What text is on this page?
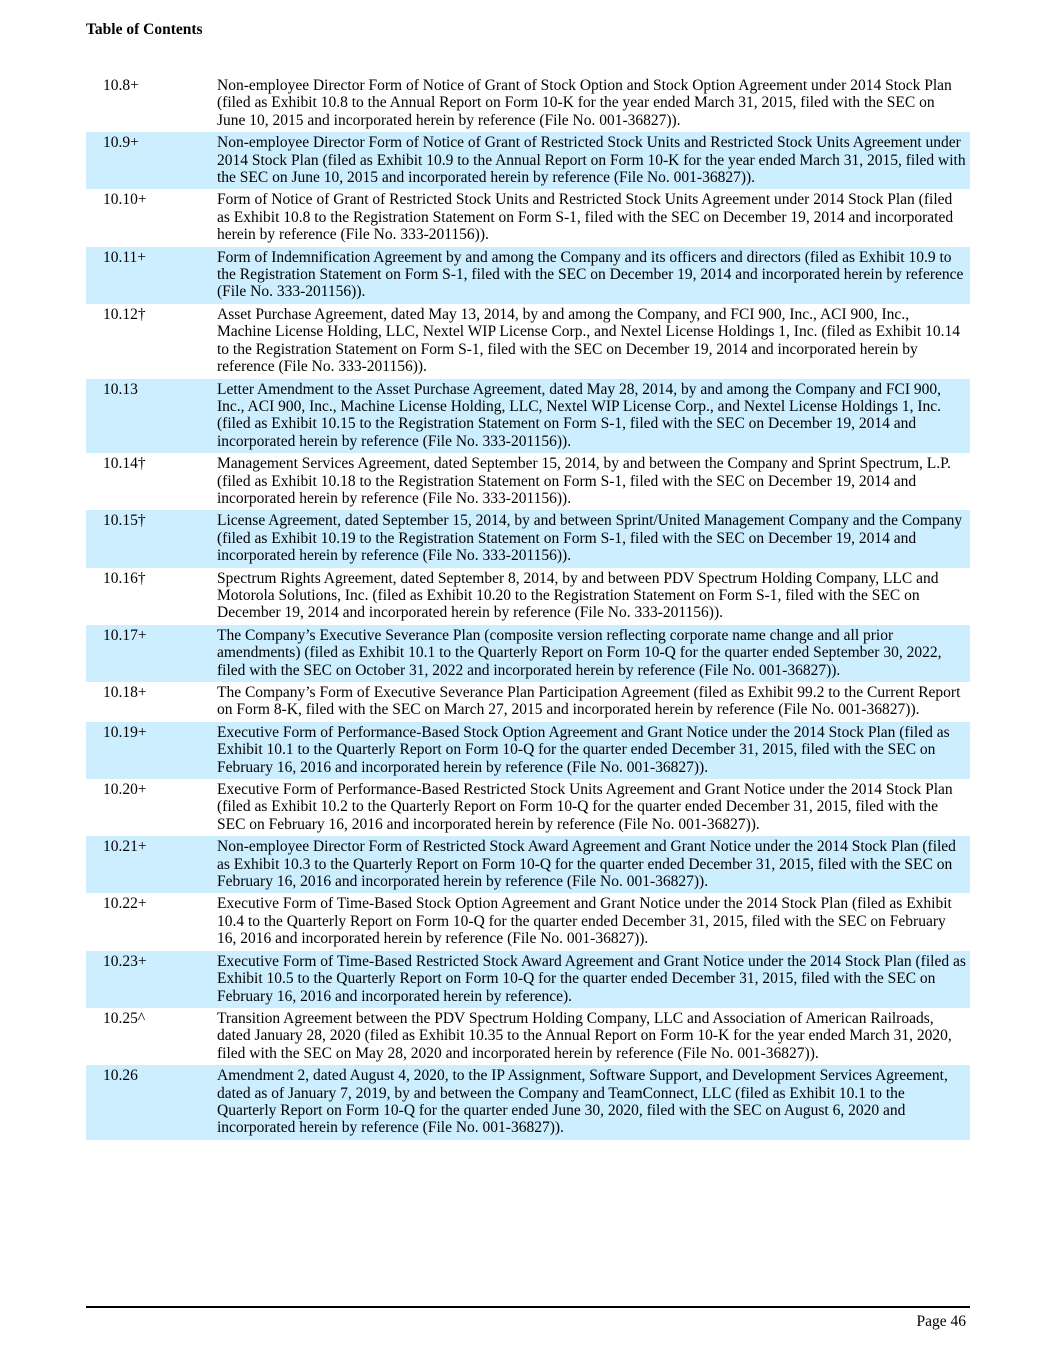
Table of Contents
10.8+	Non-employee Director Form of Notice of Grant of Stock Option and Stock Option Agreement under 2014 Stock Plan (filed as Exhibit 10.8 to the Annual Report on Form 10-K for the year ended March 31, 2015, filed with the SEC on June 10, 2015 and incorporated herein by reference (File No. 001-36827)).
10.9+	Non-employee Director Form of Notice of Grant of Restricted Stock Units and Restricted Stock Units Agreement under 2014 Stock Plan (filed as Exhibit 10.9 to the Annual Report on Form 10-K for the year ended March 31, 2015, filed with the SEC on June 10, 2015 and incorporated herein by reference (File No. 001-36827)).
10.10+	Form of Notice of Grant of Restricted Stock Units and Restricted Stock Units Agreement under 2014 Stock Plan (filed as Exhibit 10.8 to the Registration Statement on Form S-1, filed with the SEC on December 19, 2014 and incorporated herein by reference (File No. 333-201156)).
10.11+	Form of Indemnification Agreement by and among the Company and its officers and directors (filed as Exhibit 10.9 to the Registration Statement on Form S-1, filed with the SEC on December 19, 2014 and incorporated herein by reference (File No. 333-201156)).
10.12†	Asset Purchase Agreement, dated May 13, 2014, by and among the Company, and FCI 900, Inc., ACI 900, Inc., Machine License Holding, LLC, Nextel WIP License Corp., and Nextel License Holdings 1, Inc. (filed as Exhibit 10.14 to the Registration Statement on Form S-1, filed with the SEC on December 19, 2014 and incorporated herein by reference (File No. 333-201156)).
10.13	Letter Amendment to the Asset Purchase Agreement, dated May 28, 2014, by and among the Company and FCI 900, Inc., ACI 900, Inc., Machine License Holding, LLC, Nextel WIP License Corp., and Nextel License Holdings 1, Inc. (filed as Exhibit 10.15 to the Registration Statement on Form S-1, filed with the SEC on December 19, 2014 and incorporated herein by reference (File No. 333-201156)).
10.14†	Management Services Agreement, dated September 15, 2014, by and between the Company and Sprint Spectrum, L.P. (filed as Exhibit 10.18 to the Registration Statement on Form S-1, filed with the SEC on December 19, 2014 and incorporated herein by reference (File No. 333-201156)).
10.15†	License Agreement, dated September 15, 2014, by and between Sprint/United Management Company and the Company (filed as Exhibit 10.19 to the Registration Statement on Form S-1, filed with the SEC on December 19, 2014 and incorporated herein by reference (File No. 333-201156)).
10.16†	Spectrum Rights Agreement, dated September 8, 2014, by and between PDV Spectrum Holding Company, LLC and Motorola Solutions, Inc. (filed as Exhibit 10.20 to the Registration Statement on Form S-1, filed with the SEC on December 19, 2014 and incorporated herein by reference (File No. 333-201156)).
10.17+	The Company’s Executive Severance Plan (composite version reflecting corporate name change and all prior amendments) (filed as Exhibit 10.1 to the Quarterly Report on Form 10-Q for the quarter ended September 30, 2022, filed with the SEC on October 31, 2022 and incorporated herein by reference (File No. 001-36827)).
10.18+	The Company’s Form of Executive Severance Plan Participation Agreement (filed as Exhibit 99.2 to the Current Report on Form 8-K, filed with the SEC on March 27, 2015 and incorporated herein by reference (File No. 001-36827)).
10.19+	Executive Form of Performance-Based Stock Option Agreement and Grant Notice under the 2014 Stock Plan (filed as Exhibit 10.1 to the Quarterly Report on Form 10-Q for the quarter ended December 31, 2015, filed with the SEC on February 16, 2016 and incorporated herein by reference (File No. 001-36827)).
10.20+	Executive Form of Performance-Based Restricted Stock Units Agreement and Grant Notice under the 2014 Stock Plan (filed as Exhibit 10.2 to the Quarterly Report on Form 10-Q for the quarter ended December 31, 2015, filed with the SEC on February 16, 2016 and incorporated herein by reference (File No. 001-36827)).
10.21+	Non-employee Director Form of Restricted Stock Award Agreement and Grant Notice under the 2014 Stock Plan (filed as Exhibit 10.3 to the Quarterly Report on Form 10-Q for the quarter ended December 31, 2015, filed with the SEC on February 16, 2016 and incorporated herein by reference (File No. 001-36827)).
10.22+	Executive Form of Time-Based Stock Option Agreement and Grant Notice under the 2014 Stock Plan (filed as Exhibit 10.4 to the Quarterly Report on Form 10-Q for the quarter ended December 31, 2015, filed with the SEC on February 16, 2016 and incorporated herein by reference (File No. 001-36827)).
10.23+	Executive Form of Time-Based Restricted Stock Award Agreement and Grant Notice under the 2014 Stock Plan (filed as Exhibit 10.5 to the Quarterly Report on Form 10-Q for the quarter ended December 31, 2015, filed with the SEC on February 16, 2016 and incorporated herein by reference).
10.25^	Transition Agreement between the PDV Spectrum Holding Company, LLC and Association of American Railroads, dated January 28, 2020 (filed as Exhibit 10.35 to the Annual Report on Form 10-K for the year ended March 31, 2020, filed with the SEC on May 28, 2020 and incorporated herein by reference (File No. 001-36827)).
10.26	Amendment 2, dated August 4, 2020, to the IP Assignment, Software Support, and Development Services Agreement, dated as of January 7, 2019, by and between the Company and TeamConnect, LLC (filed as Exhibit 10.1 to the Quarterly Report on Form 10-Q for the quarter ended June 30, 2020, filed with the SEC on August 6, 2020 and incorporated herein by reference (File No. 001-36827)).
Page 46
